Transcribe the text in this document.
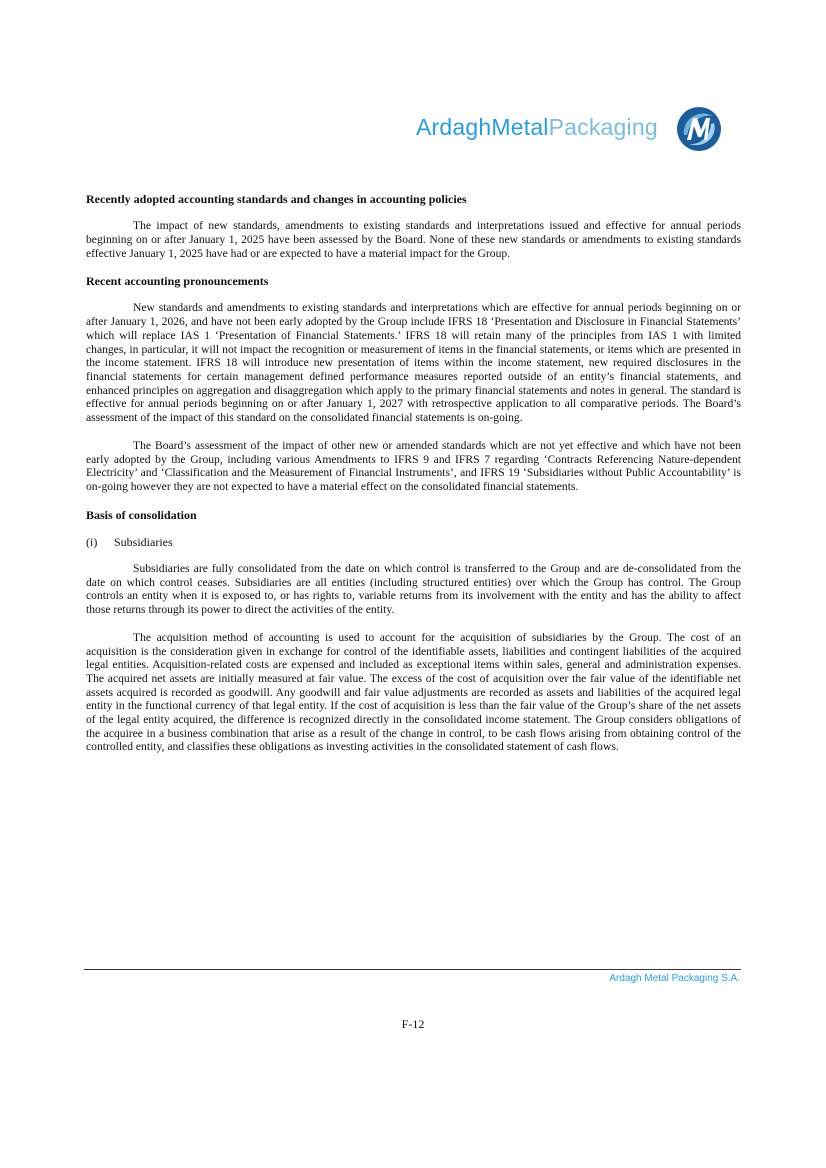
ArdaghMetalPackaging
Recently adopted accounting standards and changes in accounting policies

The impact of new standards, amendments to existing standards and interpretations issued and effective for annual periods beginning on or after January 1, 2025 have been assessed by the Board. None of these new standards or amendments to existing standards effective January 1, 2025 have had or are expected to have a material impact for the Group.

Recent accounting pronouncements

New standards and amendments to existing standards and interpretations which are effective for annual periods beginning on or after January 1, 2026, and have not been early adopted by the Group include IFRS 18 ‘Presentation and Disclosure in Financial Statements’ which will replace IAS 1 ‘Presentation of Financial Statements.’ IFRS 18 will retain many of the principles from IAS 1 with limited changes, in particular, it will not impact the recognition or measurement of items in the financial statements, or items which are presented in the income statement. IFRS 18 will introduce new presentation of items within the income statement, new required disclosures in the financial statements for certain management defined performance measures reported outside of an entity’s financial statements, and enhanced principles on aggregation and disaggregation which apply to the primary financial statements and notes in general. The standard is effective for annual periods beginning on or after January 1, 2027 with retrospective application to all comparative periods. The Board’s assessment of the impact of this standard on the consolidated financial statements is on-going.

The Board’s assessment of the impact of other new or amended standards which are not yet effective and which have not been early adopted by the Group, including various Amendments to IFRS 9 and IFRS 7 regarding ‘Contracts Referencing Nature-dependent Electricity’ and ‘Classification and the Measurement of Financial Instruments’, and IFRS 19 ‘Subsidiaries without Public Accountability’ is on-going however they are not expected to have a material effect on the consolidated financial statements.

Basis of consolidation
(i)	Subsidiaries

Subsidiaries are fully consolidated from the date on which control is transferred to the Group and are de-consolidated from the date on which control ceases. Subsidiaries are all entities (including structured entities) over which the Group has control. The Group controls an entity when it is exposed to, or has rights to, variable returns from its involvement with the entity and has the ability to affect those returns through its power to direct the activities of the entity.

The acquisition method of accounting is used to account for the acquisition of subsidiaries by the Group. The cost of an acquisition is the consideration given in exchange for control of the identifiable assets, liabilities and contingent liabilities of the acquired legal entities. Acquisition-related costs are expensed and included as exceptional items within sales, general and administration expenses. The acquired net assets are initially measured at fair value. The excess of the cost of acquisition over the fair value of the identifiable net assets acquired is recorded as goodwill. Any goodwill and fair value adjustments are recorded as assets and liabilities of the acquired legal entity in the functional currency of that legal entity. If the cost of acquisition is less than the fair value of the Group’s share of the net assets of the legal entity acquired, the difference is recognized directly in the consolidated income statement. The Group considers obligations of the acquiree in a business combination that arise as a result of the change in control, to be cash flows arising from obtaining control of the controlled entity, and classifies these obligations as investing activities in the consolidated statement of cash flows.

Ardagh Metal Packaging S.A.
F-12
